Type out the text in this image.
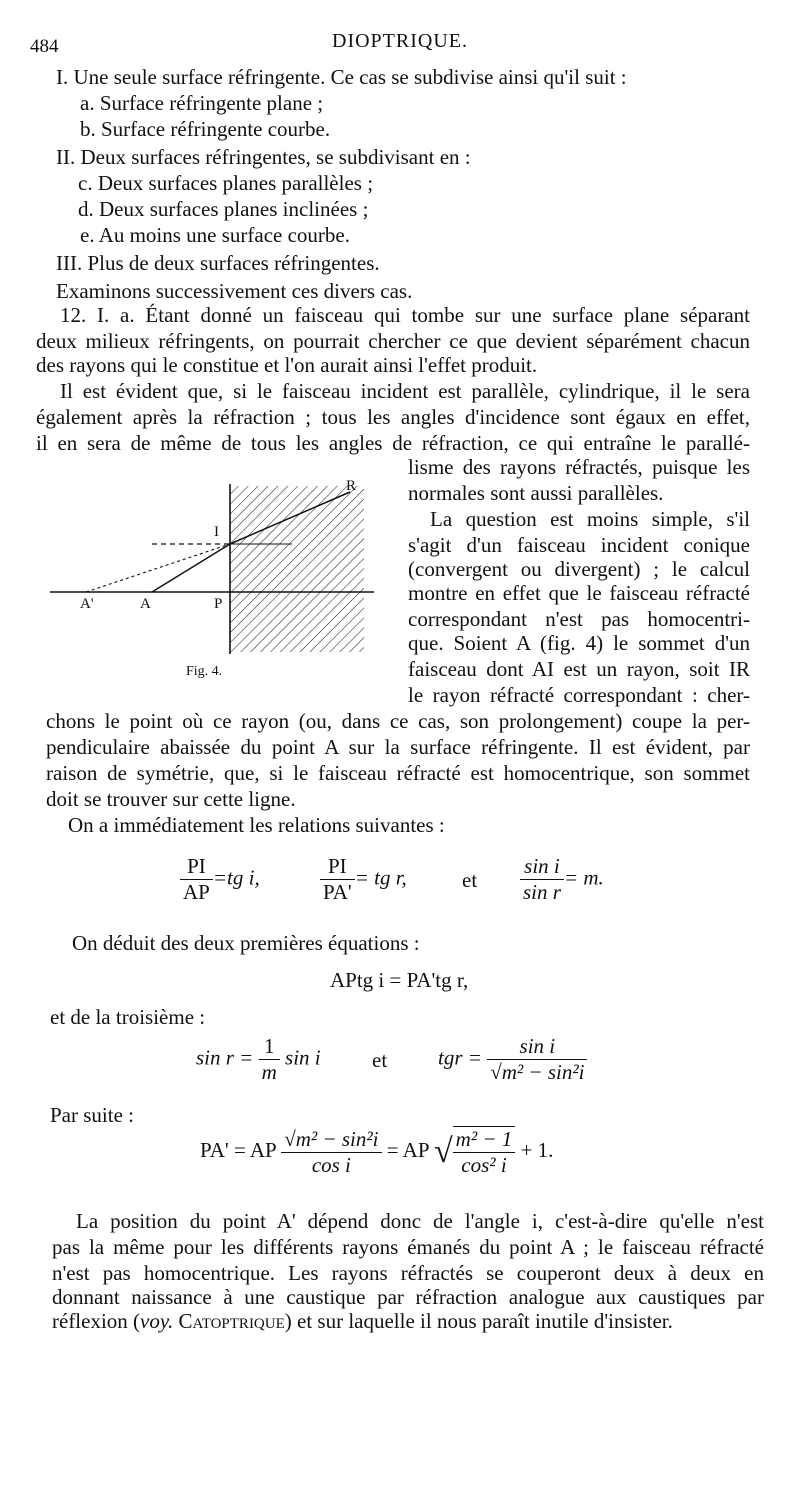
484	DIOPTRIQUE.
I. Une seule surface réfringente. Ce cas se subdivise ainsi qu'il suit :
a. Surface réfringente plane ;
b. Surface réfringente courbe.
II. Deux surfaces réfringentes, se subdivisant en :
c. Deux surfaces planes parallèles ;
d. Deux surfaces planes inclinées ;
e. Au moins une surface courbe.
III. Plus de deux surfaces réfringentes.
Examinons successivement ces divers cas.
12. I. a. Étant donné un faisceau qui tombe sur une surface plane séparant
deux milieux réfringents, on pourrait chercher ce que devient séparément chacun
des rayons qui le constitue et l'on aurait ainsi l'effet produit.
Il est évident que, si le faisceau incident est parallèle, cylindrique, il le sera
également après la réfraction ; tous les angles d'incidence sont égaux en effet,
il en sera de même de tous les angles de réfraction, ce qui entraîne le parallé-
lisme des rayons réfractés, puisque les
normales sont aussi parallèles.
La question est moins simple, s'il
s'agit d'un faisceau incident conique
(convergent ou divergent) ; le calcul
montre en effet que le faisceau réfracté
correspondant n'est pas homocentri-
que. Soient A (fig. 4) le sommet d'un
faisceau dont AI est un rayon, soit IR
le rayon réfracté correspondant : cher-
chons le point où ce rayon (ou, dans ce cas, son prolongement) coupe la per-
pendiculaire abaissée du point A sur la surface réfringente. Il est évident, par
raison de symétrie, que, si le faisceau réfracté est homocentrique, son sommet
doit se trouver sur cette ligne.
On a immédiatement les relations suivantes :
I
R
A'	A	P
Fig. 4.
$\frac{PI}{AP} =tg$ i,	$\frac{PI}{PA'}$ = tg r,	et $\frac{\text{sin i}}{\text{sin r}} = m$.
On déduit des deux premières équations :
APtg i = PA'tg r,
et de la troisième :
$\sin r = \frac{1}{m}$ sin i et tgr = $\frac{\text{sin i}}{\text{√m² − sin²i}}$
Par suite :
PA' = AP $\frac{\text{√m² − sin²i}}{\text{cos i}}$ = AP √ $\frac{\text{m² − 1}}{\text{cos² i}} + 1$.
La position du point A' dépend donc de l'angle i, c'est-à-dire qu'elle n'est
pas la même pour les différents rayons émanés du point A ; le faisceau réfracté
n'est pas homocentrique. Les rayons réfractés se couperont deux à deux en
donnant naissance à une caustique par réfraction analogue aux caustiques par
réflexion (voy. Catoptrique) et sur laquelle il nous paraît inutile d'insister.
